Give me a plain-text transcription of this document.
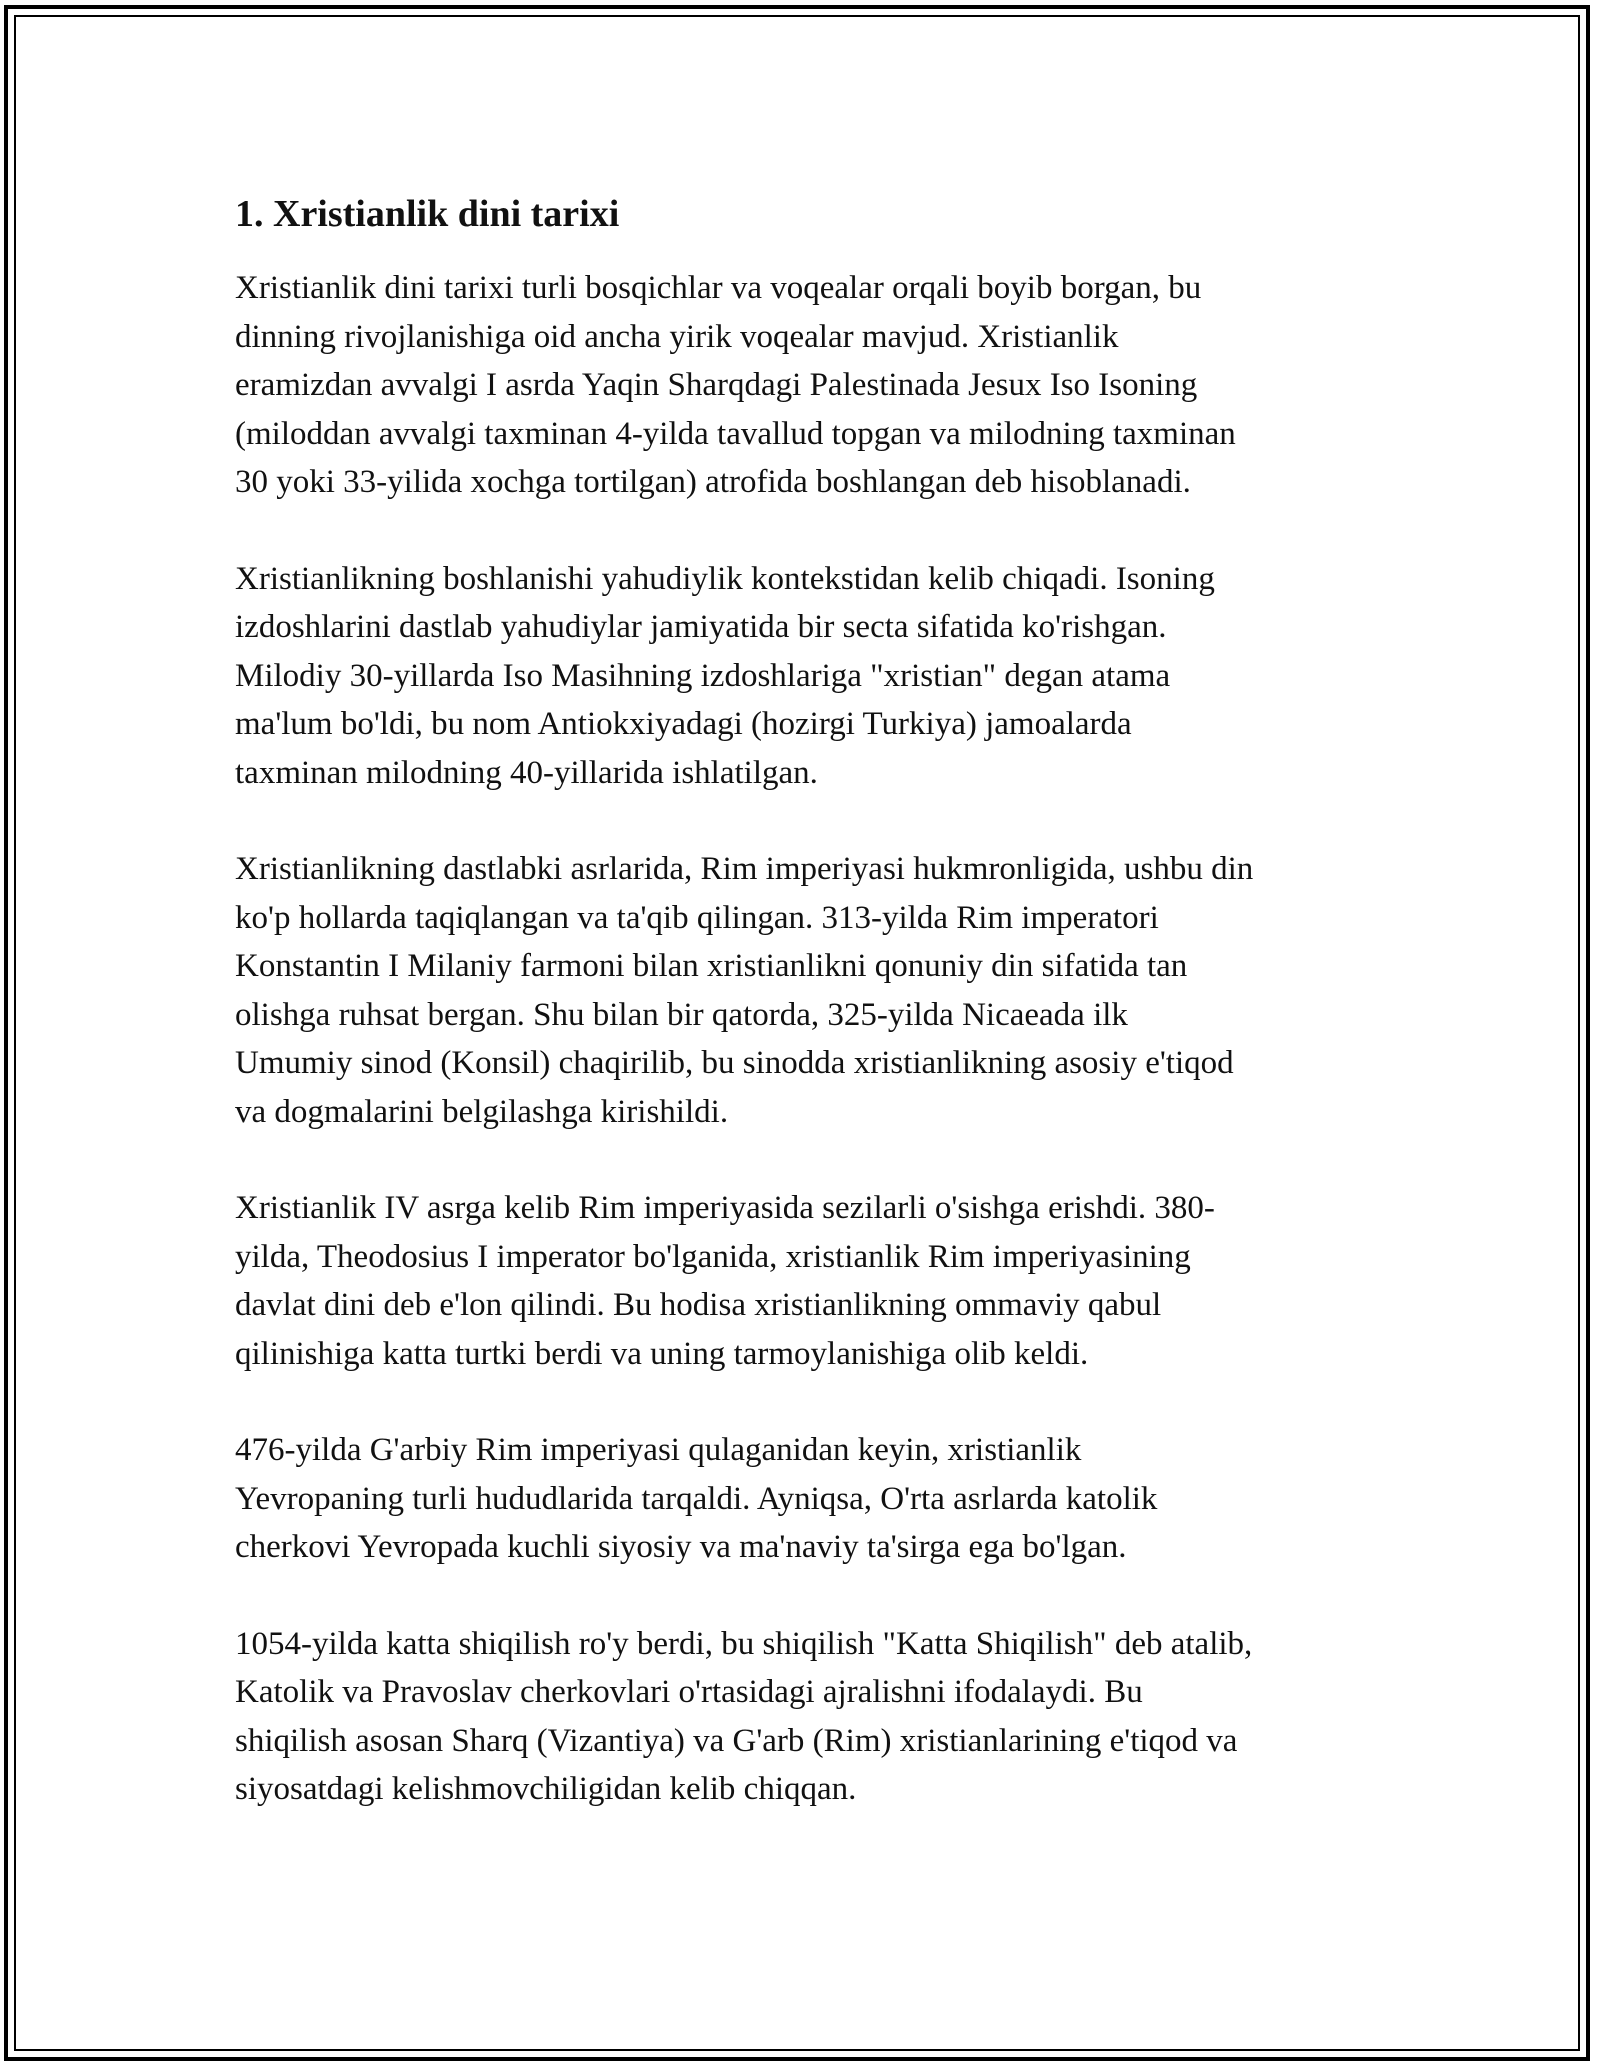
1. Xristianlik dini tarixi

Xristianlik dini tarixi turli bosqichlar va voqealar orqali boyib borgan, bu
dinning rivojlanishiga oid ancha yirik voqealar mavjud. Xristianlik
eramizdan avvalgi I asrda Yaqin Sharqdagi Palestinada Jesux Iso Isoning
(miloddan avvalgi taxminan 4-yilda tavallud topgan va milodning taxminan
30 yoki 33-yilida xochga tortilgan) atrofida boshlangan deb hisoblanadi.

Xristianlikning boshlanishi yahudiylik kontekstidan kelib chiqadi. Isoning
izdoshlarini dastlab yahudiylar jamiyatida bir secta sifatida ko'rishgan.
Milodiy 30-yillarda Iso Masihning izdoshlariga "xristian" degan atama
ma'lum bo'ldi, bu nom Antiokxiyadagi (hozirgi Turkiya) jamoalarda
taxminan milodning 40-yillarida ishlatilgan.

Xristianlikning dastlabki asrlarida, Rim imperiyasi hukmronligida, ushbu din
ko'p hollarda taqiqlangan va ta'qib qilingan. 313-yilda Rim imperatori
Konstantin I Milaniy farmoni bilan xristianlikni qonuniy din sifatida tan
olishga ruhsat bergan. Shu bilan bir qatorda, 325-yilda Nicaeada ilk
Umumiy sinod (Konsil) chaqirilib, bu sinodda xristianlikning asosiy e'tiqod
va dogmalarini belgilashga kirishildi.

Xristianlik IV asrga kelib Rim imperiyasida sezilarli o'sishga erishdi. 380-
yilda, Theodosius I imperator bo'lganida, xristianlik Rim imperiyasining
davlat dini deb e'lon qilindi. Bu hodisa xristianlikning ommaviy qabul
qilinishiga katta turtki berdi va uning tarmoylanishiga olib keldi.

476-yilda G'arbiy Rim imperiyasi qulaganidan keyin, xristianlik
Yevropaning turli hududlarida tarqaldi. Ayniqsa, O'rta asrlarda katolik
cherkovi Yevropada kuchli siyosiy va ma'naviy ta'sirga ega bo'lgan.

1054-yilda katta shiqilish ro'y berdi, bu shiqilish "Katta Shiqilish" deb atalib,
Katolik va Pravoslav cherkovlari o'rtasidagi ajralishni ifodalaydi. Bu
shiqilish asosan Sharq (Vizantiya) va G'arb (Rim) xristianlarining e'tiqod va
siyosatdagi kelishmovchiligidan kelib chiqqan.
